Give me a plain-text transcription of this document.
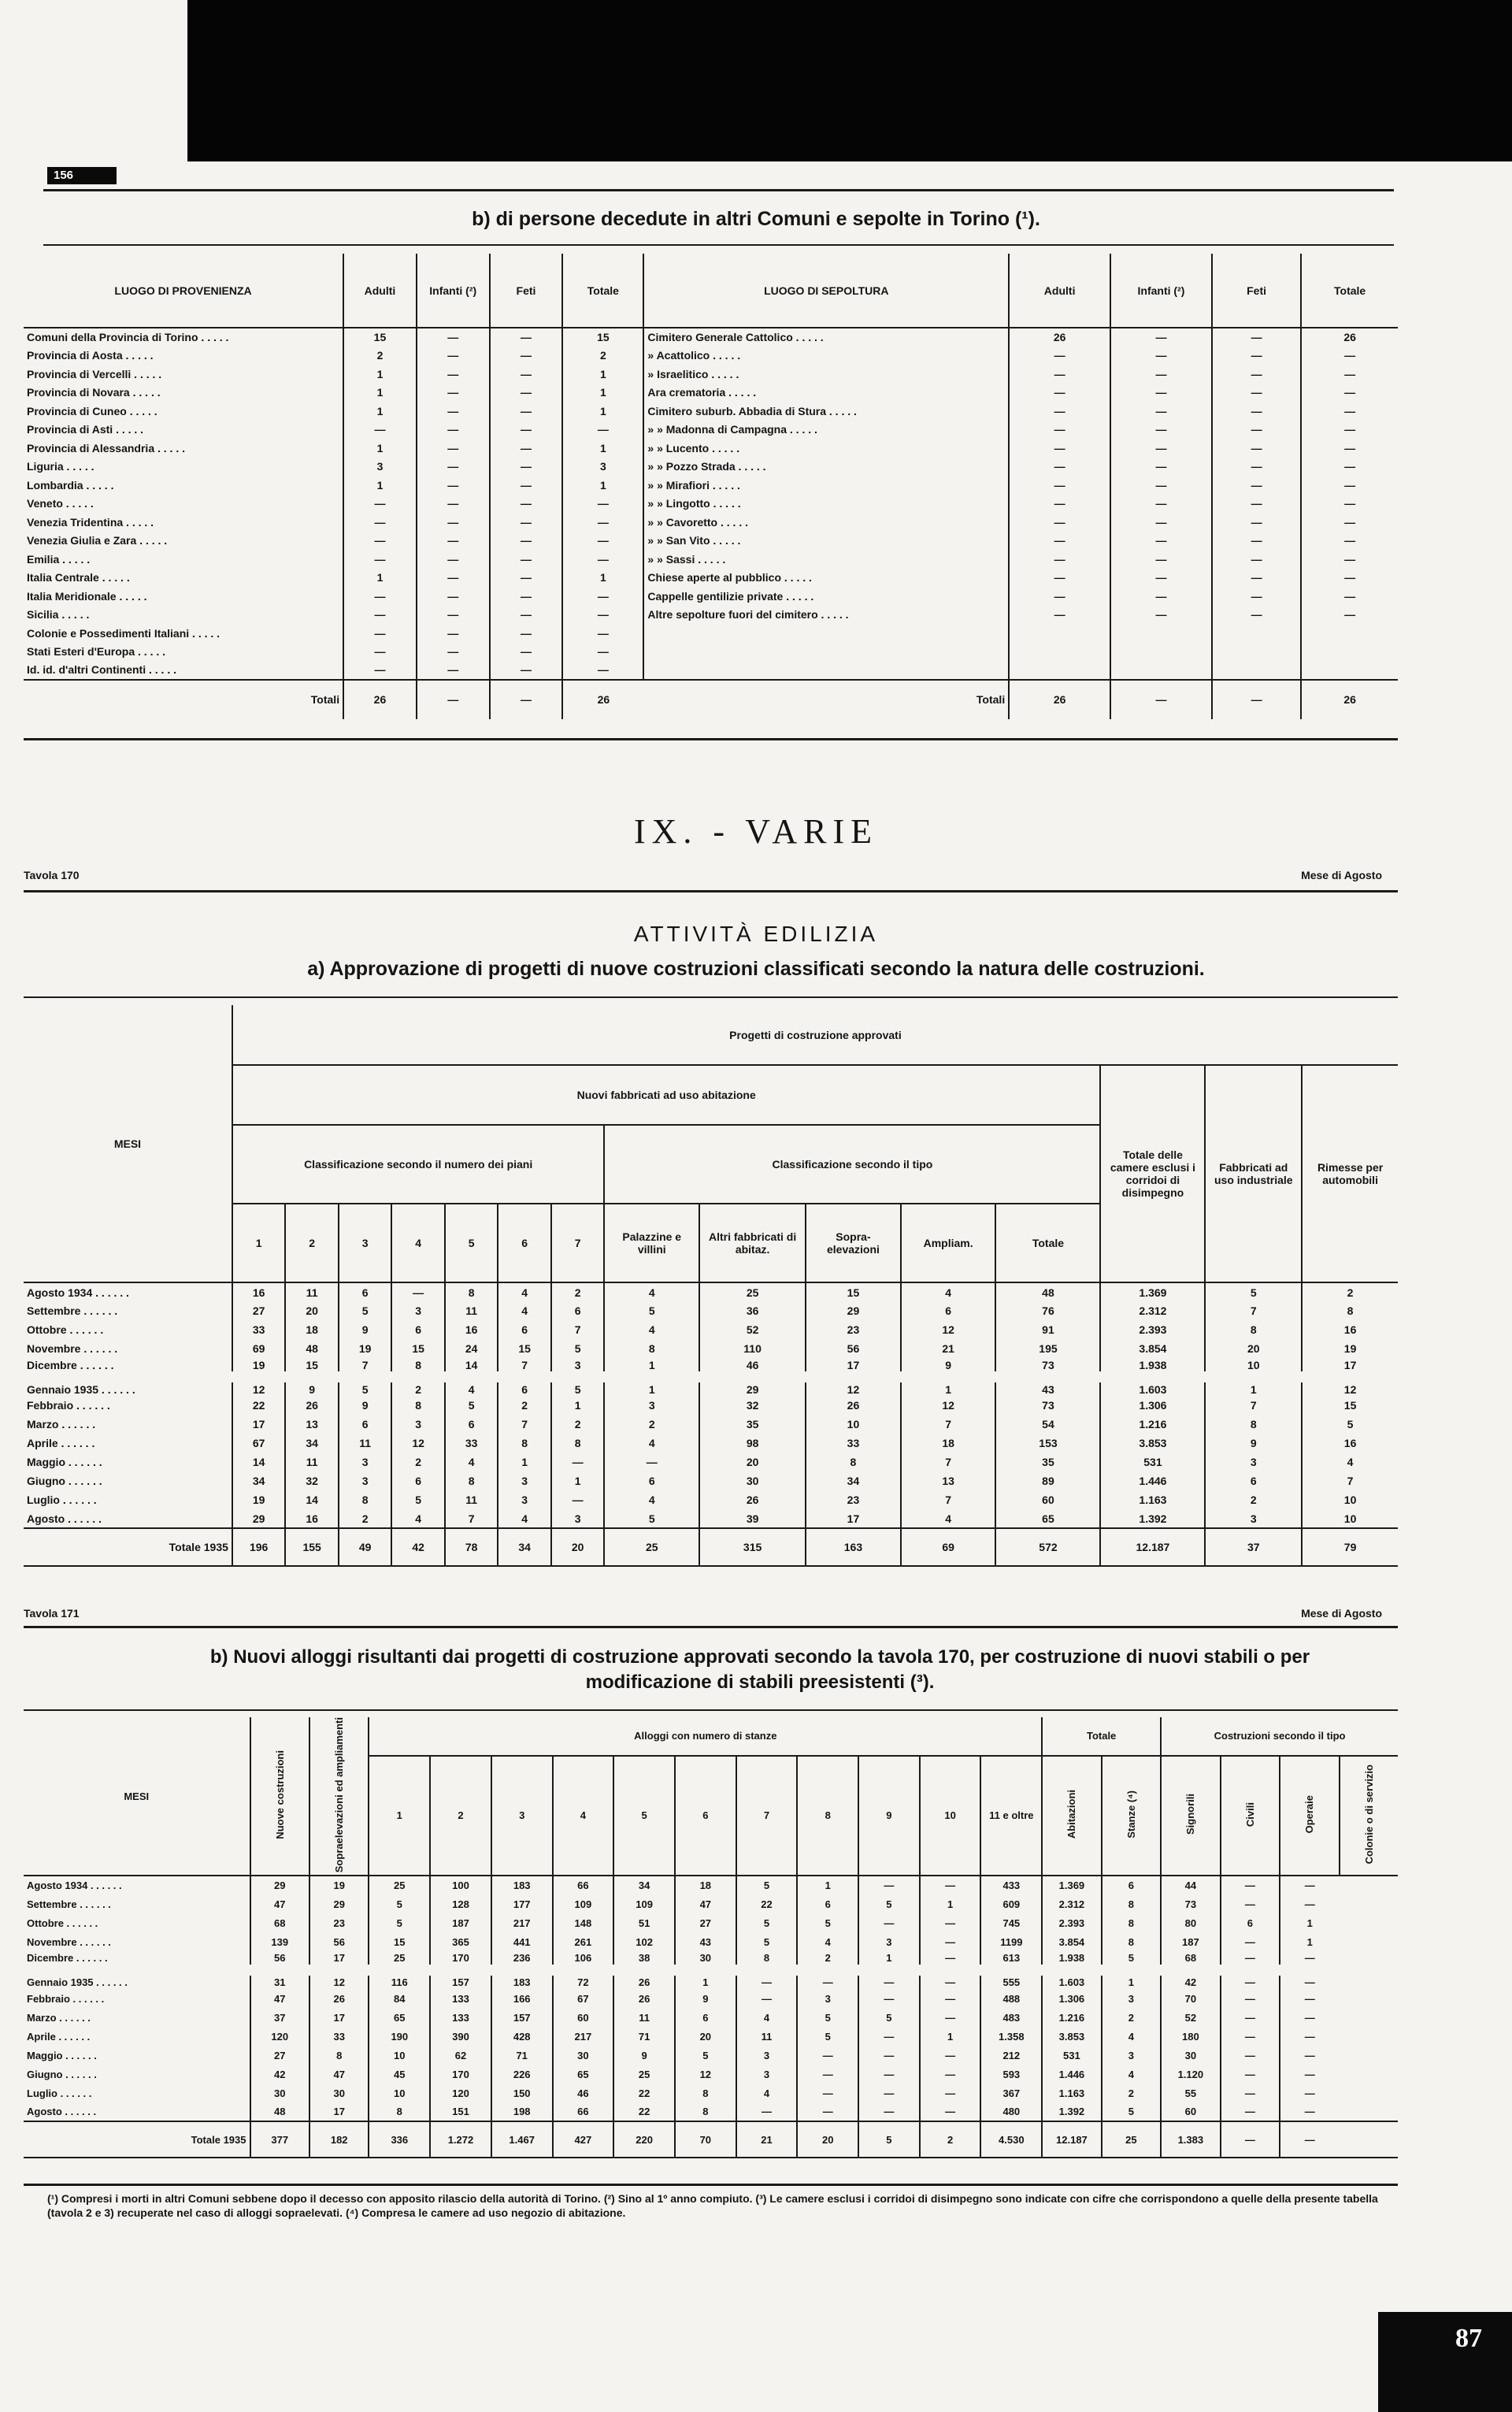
156
b) di persone decedute in altri Comuni e sepolte in Torino (¹).
LUOGO DI PROVENIENZA	Adulti	Infanti (²)	Feti	Totale	LUOGO DI SEPOLTURA	Adulti	Infanti (²)	Feti	Totale
Comuni della Provincia di Torino . . . . .	15	—	—	15	Cimitero Generale Cattolico . . . . .	26	—	—	26
Provincia di Aosta . . . . .	2	—	—	2	» Acattolico . . . . .	—	—	—	—
Provincia di Vercelli . . . . .	1	—	—	1	» Israelitico . . . . .	—	—	—	—
Provincia di Novara . . . . .	1	—	—	1	Ara crematoria . . . . .	—	—	—	—
Provincia di Cuneo . . . . .	1	—	—	1	Cimitero suburb. Abbadia di Stura . . . . .	—	—	—	—
Provincia di Asti . . . . .	—	—	—	—	» » Madonna di Campagna . . . . .	—	—	—	—
Provincia di Alessandria . . . . .	1	—	—	1	» » Lucento . . . . .	—	—	—	—
Liguria . . . . .	3	—	—	3	» » Pozzo Strada . . . . .	—	—	—	—
Lombardia . . . . .	1	—	—	1	» » Mirafiori . . . . .	—	—	—	—
Veneto . . . . .	—	—	—	—	» » Lingotto . . . . .	—	—	—	—
Venezia Tridentina . . . . .	—	—	—	—	» » Cavoretto . . . . .	—	—	—	—
Venezia Giulia e Zara . . . . .	—	—	—	—	» » San Vito . . . . .	—	—	—	—
Emilia . . . . .	—	—	—	—	» » Sassi . . . . .	—	—	—	—
Italia Centrale . . . . .	1	—	—	1	Chiese aperte al pubblico . . . . .	—	—	—	—
Italia Meridionale . . . . .	—	—	—	—	Cappelle gentilizie private . . . . .	—	—	—	—
Sicilia . . . . .	—	—	—	—	Altre sepolture fuori del cimitero . . . . .	—	—	—	—
Colonie e Possedimenti Italiani . . . . .	—	—	—	—					
Stati Esteri d'Europa . . . . .	—	—	—	—					
Id. id. d'altri Continenti . . . . .	—	—	—	—					
Totali	26	—	—	26	Totali	26	—	—	26
IX. - VARIE
Tavola 170	Mese di Agosto
ATTIVITÀ EDILIZIA
a) Approvazione di progetti di nuove costruzioni classificati secondo la natura delle costruzioni.
MESI	Progetti di costruzione approvati														
	Nuovi fabbricati ad uso abitazione												Totale delle camere esclusi i corridoi di disimpegno	Fabbricati ad uso industriale	Rimesse per automobili
	Classificazione secondo il numero dei piani							Classificazione secondo il tipo							
	1	2	3	4	5	6	7	Palazzine e villini	Altri fabbricati di abitaz.	Sopra-elevazioni	Ampliam.	Totale			
Agosto 1934 . . . . . .	16	11	6	—	8	4	2	4	25	15	4	48	1.369	5	2
Settembre . . . . . .	27	20	5	3	11	4	6	5	36	29	6	76	2.312	7	8
Ottobre . . . . . .	33	18	9	6	16	6	7	4	52	23	12	91	2.393	8	16
Novembre . . . . . .	69	48	19	15	24	15	5	8	110	56	21	195	3.854	20	19
Dicembre . . . . . .	19	15	7	8	14	7	3	1	46	17	9	73	1.938	10	17
Gennaio 1935 . . . . . .	12	9	5	2	4	6	5	1	29	12	1	43	1.603	1	12
Febbraio . . . . . .	22	26	9	8	5	2	1	3	32	26	12	73	1.306	7	15
Marzo . . . . . .	17	13	6	3	6	7	2	2	35	10	7	54	1.216	8	5
Aprile . . . . . .	67	34	11	12	33	8	8	4	98	33	18	153	3.853	9	16
Maggio . . . . . .	14	11	3	2	4	1	—	—	20	8	7	35	531	3	4
Giugno . . . . . .	34	32	3	6	8	3	1	6	30	34	13	89	1.446	6	7
Luglio . . . . . .	19	14	8	5	11	3	—	4	26	23	7	60	1.163	2	10
Agosto . . . . . .	29	16	2	4	7	4	3	5	39	17	4	65	1.392	3	10
Totale 1935	196	155	49	42	78	34	20	25	315	163	69	572	12.187	37	79
Tavola 171	Mese di Agosto
b) Nuovi alloggi risultanti dai progetti di costruzione approvati secondo la tavola 170, per costruzione di nuovi stabili o per modificazione di stabili preesistenti (³).
MESI	Nuove costruzioni	Sopraelevazioni ed ampliamenti	Alloggi con numero di stanze											Totale		Costruzioni secondo il tipo			
			1	2	3	4	5	6	7	8	9	10	11 e oltre	Abitazioni	Stanze (⁴)	Signorili	Civili	Operaie	Colonie o di servizio
Agosto 1934 . . . . . .	29	19	25	100	183	66	34	18	5	1	—	—	433	1.369	6	44	—	—	
Settembre . . . . . .	47	29	5	128	177	109	109	47	22	6	5	1	609	2.312	8	73	—	—	
Ottobre . . . . . .	68	23	5	187	217	148	51	27	5	5	—	—	745	2.393	8	80	6	1	
Novembre . . . . . .	139	56	15	365	441	261	102	43	5	4	3	—	1199	3.854	8	187	—	1	
Dicembre . . . . . .	56	17	25	170	236	106	38	30	8	2	1	—	613	1.938	5	68	—	—	
Gennaio 1935 . . . . . .	31	12	116	157	183	72	26	1	—	—	—	—	555	1.603	1	42	—	—	
Febbraio . . . . . .	47	26	84	133	166	67	26	9	—	3	—	—	488	1.306	3	70	—	—	
Marzo . . . . . .	37	17	65	133	157	60	11	6	4	5	5	—	483	1.216	2	52	—	—	
Aprile . . . . . .	120	33	190	390	428	217	71	20	11	5	—	1	1.358	3.853	4	180	—	—	
Maggio . . . . . .	27	8	10	62	71	30	9	5	3	—	—	—	212	531	3	30	—	—	
Giugno . . . . . .	42	47	45	170	226	65	25	12	3	—	—	—	593	1.446	4	1.120	—	—	
Luglio . . . . . .	30	30	10	120	150	46	22	8	4	—	—	—	367	1.163	2	55	—	—	
Agosto . . . . . .	48	17	8	151	198	66	22	8	—	—	—	—	480	1.392	5	60	—	—	
Totale 1935	377	182	336	1.272	1.467	427	220	70	21	20	5	2	4.530	12.187	25	1.383	—	—	
(¹) Compresi i morti in altri Comuni sebbene dopo il decesso con apposito rilascio della autorità di Torino. (²) Sino al 1º anno compiuto. (³) Le camere esclusi i corridoi di disimpegno sono indicate con cifre che corrispondono a quelle della presente tabella (tavola 2 e 3) recuperate nel caso di alloggi sopraelevati. (⁴) Compresa le camere ad uso negozio di abitazione.
87
